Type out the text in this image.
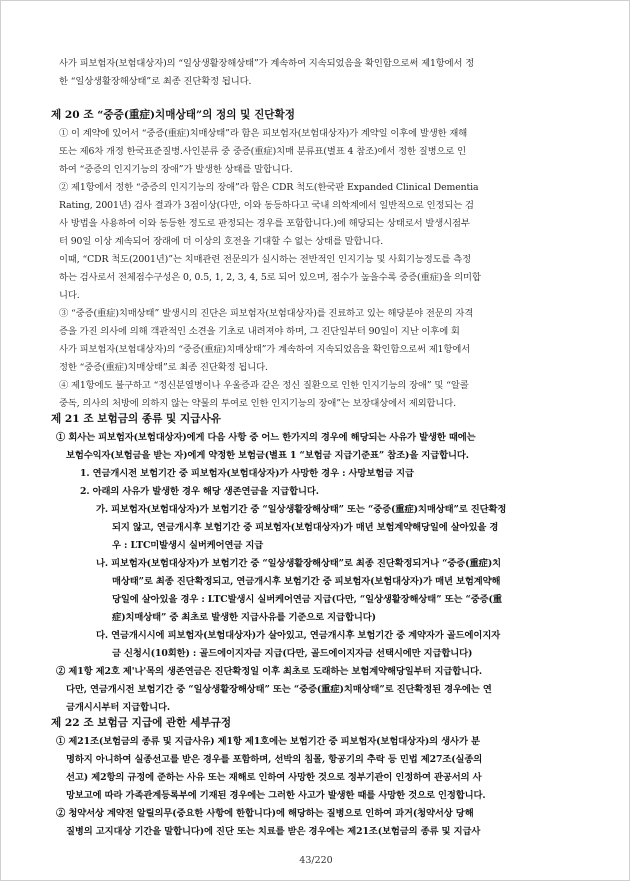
사가 피보험자(보험대상자)의 “일상생활장해상태”가 계속하여 지속되었음을 확인함으로써 제1항에서 정
한 “일상생활장해상태”로 최종 진단확정 됩니다.
제 20 조 “중증(重症)치매상태”의 정의 및 진단확정
① 이 계약에 있어서 “중증(重症)치매상태”라 함은 피보험자(보험대상자)가 계약일 이후에 발생한 재해
또는 제6차 개정 한국표준질병.사인분류 중 중증(重症)치매 분류표(별표 4 참조)에서 정한 질병으로 인
하여 “중증의 인지기능의 장애”가 발생한 상태를 말합니다.
② 제1항에서 정한 “중증의 인지기능의 장애”라 함은 CDR 척도(한국판 Expanded Clinical Dementia
Rating, 2001년) 검사 결과가 3점이상(다만, 이와 동등하다고 국내 의학계에서 일반적으로 인정되는 검
사 방법을 사용하여 이와 동등한 정도로 판정되는 경우를 포함합니다.)에 해당되는 상태로서 발생시점부
터 90일 이상 계속되어 장래에 더 이상의 호전을 기대할 수 없는 상태를 말합니다.
이때, “CDR 척도(2001년)”는 치매관련 전문의가 실시하는 전반적인 인지기능 및 사회기능정도를 측정
하는 검사로서 전체점수구성은 0, 0.5, 1, 2, 3, 4, 5로 되어 있으며, 점수가 높을수록 중증(重症)을 의미합
니다.
③ “중증(重症)치매상태” 발생시의 진단은 피보험자(보험대상자)를 진료하고 있는 해당분야 전문의 자격
증을 가진 의사에 의해 객관적인 소견을 기초로 내려져야 하며, 그 진단일부터 90일이 지난 이후에 회
사가 피보험자(보험대상자)의 “중증(重症)치매상태”가 계속하여 지속되었음을 확인함으로써 제1항에서
정한 “중증(重症)치매상태”로 최종 진단확정 됩니다.
④ 제1항에도 불구하고 “정신분열병이나 우울증과 같은 정신 질환으로 인한 인지기능의 장애” 및 “알콜
중독, 의사의 처방에 의하지 않는 약물의 투여로 인한 인지기능의 장애”는 보장대상에서 제외합니다.
제 21 조 보험금의 종류 및 지급사유
① 회사는 피보험자(보험대상자)에게 다음 사항 중 어느 한가지의 경우에 해당되는 사유가 발생한 때에는
보험수익자(보험금을 받는 자)에게 약정한 보험금(별표 1 “보험금 지급기준표” 참조)을 지급합니다.
1. 연금개시전 보험기간 중 피보험자(보험대상자)가 사망한 경우 : 사망보험금 지급
2. 아래의 사유가 발생한 경우 해당 생존연금을 지급합니다.
가. 피보험자(보험대상자)가 보험기간 중 “일상생활장해상태” 또는 “중증(重症)치매상태”로 진단확정
되지 않고, 연금개시후 보험기간 중 피보험자(보험대상자)가 매년 보험계약해당일에 살아있을 경
우 : LTC미발생시 실버케어연금 지급
나. 피보험자(보험대상자)가 보험기간 중 “일상생활장해상태”로 최종 진단확정되거나 “중증(重症)치
매상태”로 최종 진단확정되고, 연금개시후 보험기간 중 피보험자(보험대상자)가 매년 보험계약해
당일에 살아있을 경우 : LTC발생시 실버케어연금 지급(다만, “일상생활장해상태” 또는 “중증(重
症)치매상태” 중 최초로 발생한 지급사유를 기준으로 지급합니다)
다. 연금개시시에 피보험자(보험대상자)가 살아있고, 연금개시후 보험기간 중 계약자가 골드에이지자
금 신청시(10회한) : 골드에이지자금 지급(다만, 골드에이지자금 선택시에만 지급합니다)
② 제1항 제2호 제'나'목의 생존연금은 진단확정일 이후 최초로 도래하는 보험계약해당일부터 지급합니다.
다만, 연금개시전 보험기간 중 “일상생활장해상태” 또는 “중증(重症)치매상태”로 진단확정된 경우에는 연
금개시시부터 지급합니다.
제 22 조 보험금 지급에 관한 세부규정
① 제21조(보험금의 종류 및 지급사유) 제1항 제1호에는 보험기간 중 피보험자(보험대상자)의 생사가 분
명하지 아니하여 실종선고를 받은 경우를 포함하며, 선박의 침몰, 항공기의 추락 등 민법 제27조(실종의
선고) 제2항의 규정에 준하는 사유 또는 재해로 인하여 사망한 것으로 정부기관이 인정하여 관공서의 사
망보고에 따라 가족관계등록부에 기재된 경우에는 그러한 사고가 발생한 때를 사망한 것으로 인정합니다.
② 청약서상 계약전 알릴의무(중요한 사항에 한합니다)에 해당하는 질병으로 인하여 과거(청약서상 당해
질병의 고지대상 기간을 말합니다)에 진단 또는 치료를 받은 경우에는 제21조(보험금의 종류 및 지급사
43/220
